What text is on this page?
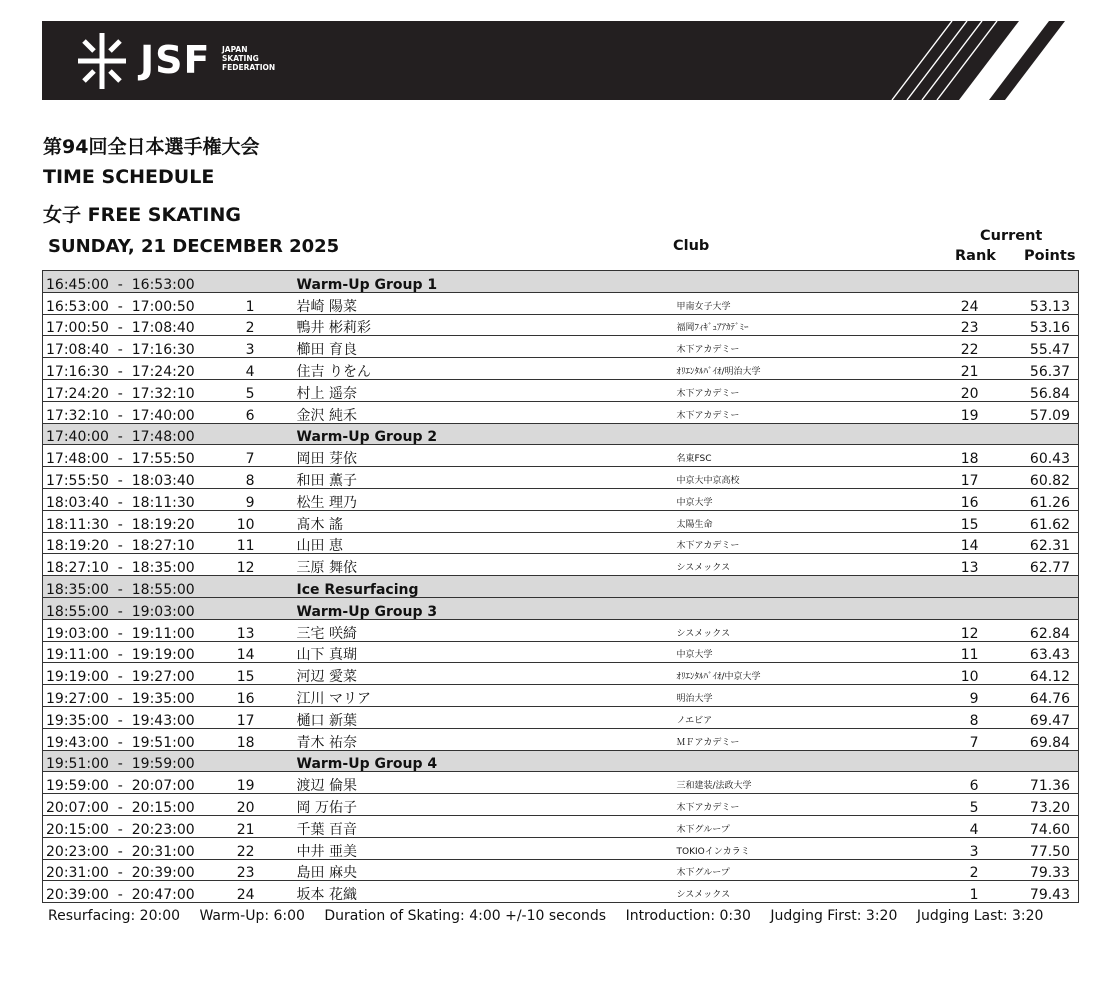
JSF JAPAN
SKATING
FEDERATION
第94回全日本選手権大会
TIME SCHEDULE
女子 FREE SKATING
SUNDAY, 21 DECEMBER 2025	Club
Current
Rank Points
16:45:00  -  16:53:00		Warm-Up Group 1			
16:53:00  -  17:00:50	1	岩崎 陽菜	甲南女子大学	24	53.13
17:00:50  -  17:08:40	2	鴨井 彬莉彩	福岡ﾌｨｷﾞｭｱｱｶﾃﾞﾐｰ	23	53.16
17:08:40  -  17:16:30	3	櫛田 育良	木下アカデミー	22	55.47
17:16:30  -  17:24:20	4	住吉 りをん	ｵﾘｴﾝﾀﾙﾊﾞｲｵ/明治大学	21	56.37
17:24:20  -  17:32:10	5	村上 遥奈	木下アカデミー	20	56.84
17:32:10  -  17:40:00	6	金沢 純禾	木下アカデミー	19	57.09
17:40:00  -  17:48:00		Warm-Up Group 2			
17:48:00  -  17:55:50	7	岡田 芽依	名東FSC	18	60.43
17:55:50  -  18:03:40	8	和田 薫子	中京大中京高校	17	60.82
18:03:40  -  18:11:30	9	松生 理乃	中京大学	16	61.26
18:11:30  -  18:19:20	10	髙木 謠	太陽生命	15	61.62
18:19:20  -  18:27:10	11	山田 恵	木下アカデミー	14	62.31
18:27:10  -  18:35:00	12	三原 舞依	シスメックス	13	62.77
18:35:00  -  18:55:00		Ice Resurfacing			
18:55:00  -  19:03:00		Warm-Up Group 3			
19:03:00  -  19:11:00	13	三宅 咲綺	シスメックス	12	62.84
19:11:00  -  19:19:00	14	山下 真瑚	中京大学	11	63.43
19:19:00  -  19:27:00	15	河辺 愛菜	ｵﾘｴﾝﾀﾙﾊﾞｲｵ/中京大学	10	64.12
19:27:00  -  19:35:00	16	江川 マリア	明治大学	9	64.76
19:35:00  -  19:43:00	17	樋口 新葉	ノエビア	8	69.47
19:43:00  -  19:51:00	18	青木 祐奈	ＭＦアカデミー	7	69.84
19:51:00  -  19:59:00		Warm-Up Group 4			
19:59:00  -  20:07:00	19	渡辺 倫果	三和建装/法政大学	6	71.36
20:07:00  -  20:15:00	20	岡 万佑子	木下アカデミー	5	73.20
20:15:00  -  20:23:00	21	千葉 百音	木下グループ	4	74.60
20:23:00  -  20:31:00	22	中井 亜美	TOKIOインカラミ	3	77.50
20:31:00  -  20:39:00	23	島田 麻央	木下グループ	2	79.33
20:39:00  -  20:47:00	24	坂本 花織	シスメックス	1	79.43
Resurfacing: 20:00 Warm-Up: 6:00 Duration of Skating: 4:00 +/-10 seconds Introduction: 0:30 Judging First: 3:20 Judging Last: 3:20
